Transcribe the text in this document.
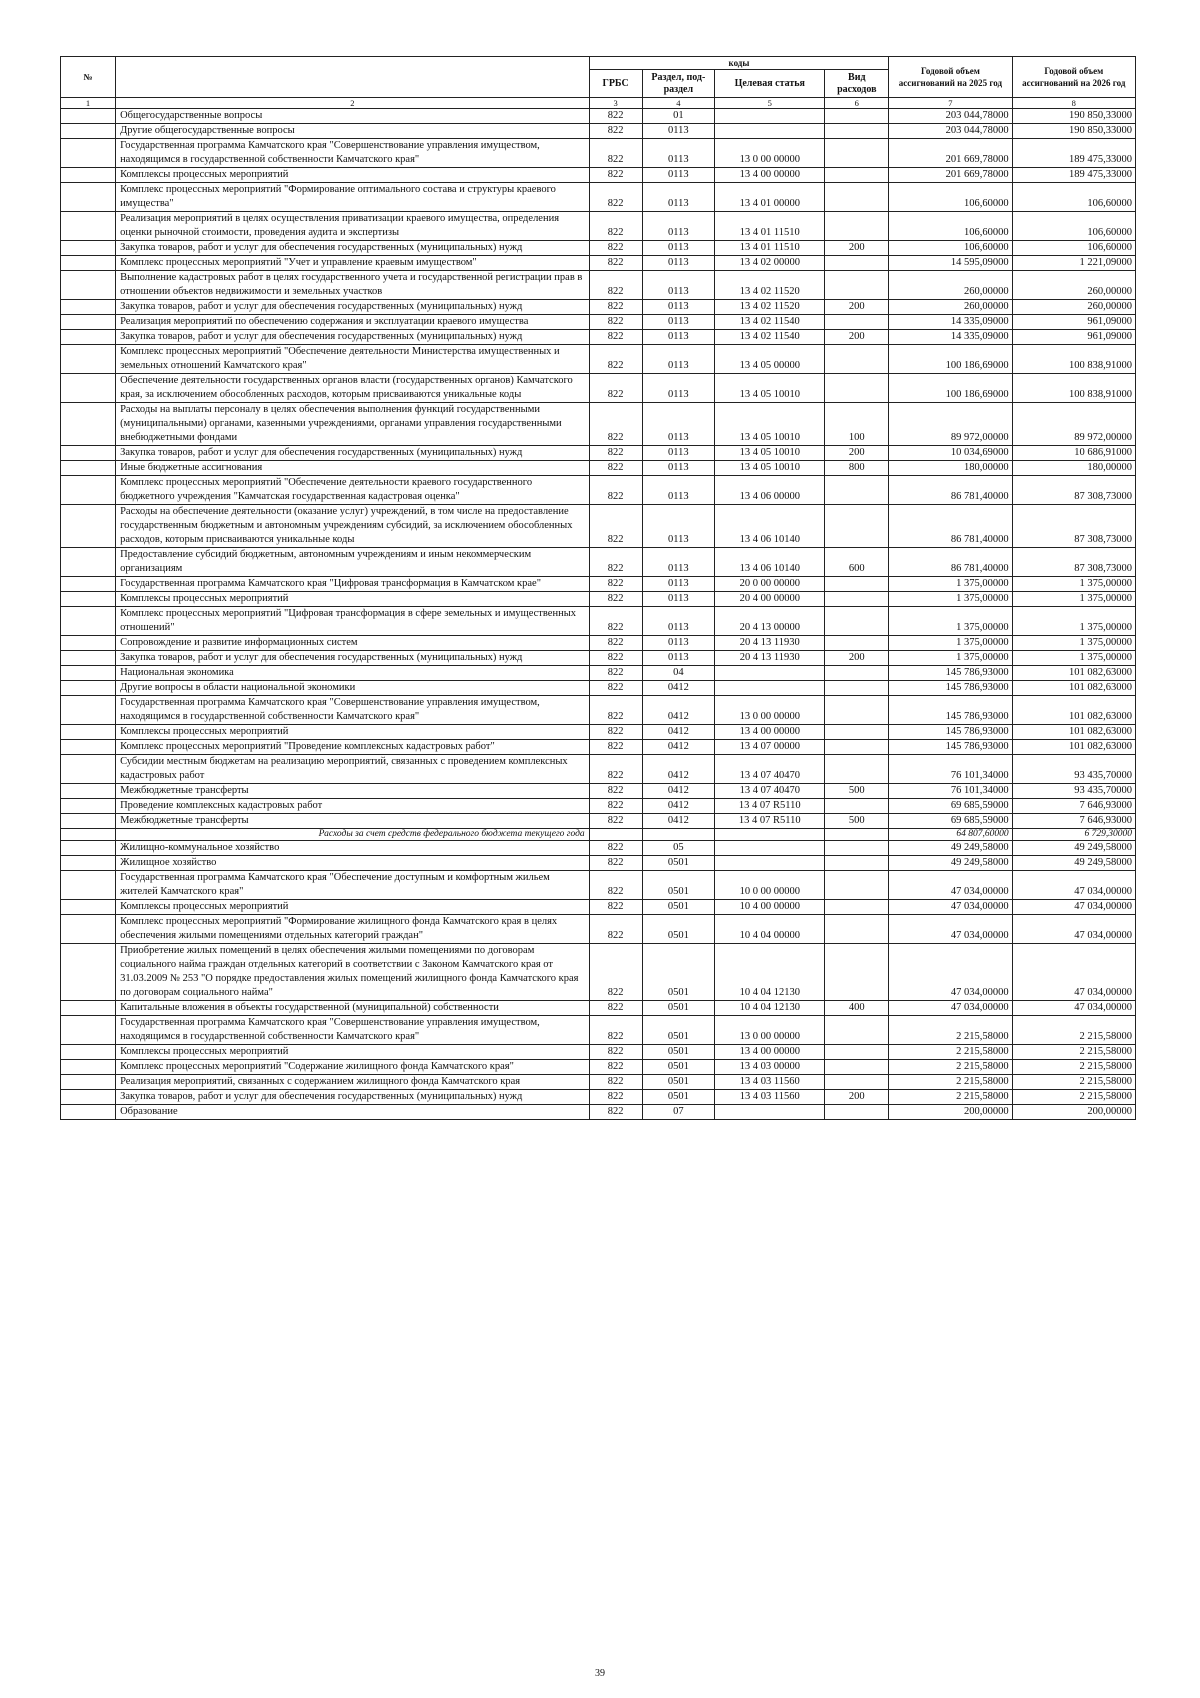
№		коды				Годовой объем ассигнований на 2025 год	Годовой объем ассигнований на 2026 год
		ГРБС	Раздел, под-раздел	Целевая статья	Вид расходов		
1	2	3	4	5	6	7	8
	Общегосударственные вопросы	822	01			203 044,78000	190 850,33000
	Другие общегосударственные вопросы	822	0113			203 044,78000	190 850,33000
	Государственная программа Камчатского края "Совершенствование управления имуществом, находящимся в государственной собственности Камчатского края"	822	0113	13 0 00 00000		201 669,78000	189 475,33000
	Комплексы процессных мероприятий	822	0113	13 4 00 00000		201 669,78000	189 475,33000
	Комплекс процессных мероприятий "Формирование оптимального состава и структуры краевого имущества"	822	0113	13 4 01 00000		106,60000	106,60000
	Реализация мероприятий в целях осуществления приватизации краевого имущества, определения оценки рыночной стоимости, проведения аудита и экспертизы	822	0113	13 4 01 11510		106,60000	106,60000
	Закупка товаров, работ и услуг для обеспечения государственных (муниципальных) нужд	822	0113	13 4 01 11510	200	106,60000	106,60000
	Комплекс процессных мероприятий "Учет и управление краевым имуществом"	822	0113	13 4 02 00000		14 595,09000	1 221,09000
	Выполнение кадастровых работ в целях государственного учета и государственной регистрации прав в отношении объектов недвижимости и земельных участков	822	0113	13 4 02 11520		260,00000	260,00000
	Закупка товаров, работ и услуг для обеспечения государственных (муниципальных) нужд	822	0113	13 4 02 11520	200	260,00000	260,00000
	Реализация мероприятий по обеспечению содержания и эксплуатации краевого имущества	822	0113	13 4 02 11540		14 335,09000	961,09000
	Закупка товаров, работ и услуг для обеспечения государственных (муниципальных) нужд	822	0113	13 4 02 11540	200	14 335,09000	961,09000
	Комплекс процессных мероприятий "Обеспечение деятельности Министерства имущественных и земельных отношений Камчатского края"	822	0113	13 4 05 00000		100 186,69000	100 838,91000
	Обеспечение деятельности государственных органов власти (государственных органов) Камчатского края, за исключением обособленных расходов, которым присваиваются уникальные коды	822	0113	13 4 05 10010		100 186,69000	100 838,91000
	Расходы на выплаты персоналу в целях обеспечения выполнения функций государственными (муниципальными) органами, казенными учреждениями, органами управления государственными внебюджетными фондами	822	0113	13 4 05 10010	100	89 972,00000	89 972,00000
	Закупка товаров, работ и услуг для обеспечения государственных (муниципальных) нужд	822	0113	13 4 05 10010	200	10 034,69000	10 686,91000
	Иные бюджетные ассигнования	822	0113	13 4 05 10010	800	180,00000	180,00000
	Комплекс процессных мероприятий "Обеспечение деятельности краевого государственного бюджетного учреждения "Камчатская государственная кадастровая оценка"	822	0113	13 4 06 00000		86 781,40000	87 308,73000
	Расходы на обеспечение деятельности (оказание услуг) учреждений, в том числе на предоставление государственным бюджетным и автономным учреждениям субсидий, за исключением обособленных расходов, которым присваиваются уникальные коды	822	0113	13 4 06 10140		86 781,40000	87 308,73000
	Предоставление субсидий бюджетным, автономным учреждениям и иным некоммерческим организациям	822	0113	13 4 06 10140	600	86 781,40000	87 308,73000
	Государственная программа Камчатского края "Цифровая трансформация в Камчатском крае"	822	0113	20 0 00 00000		1 375,00000	1 375,00000
	Комплексы процессных мероприятий	822	0113	20 4 00 00000		1 375,00000	1 375,00000
	Комплекс процессных мероприятий "Цифровая трансформация в сфере земельных и имущественных отношений"	822	0113	20 4 13 00000		1 375,00000	1 375,00000
	Сопровождение и развитие информационных систем	822	0113	20 4 13 11930		1 375,00000	1 375,00000
	Закупка товаров, работ и услуг для обеспечения государственных (муниципальных) нужд	822	0113	20 4 13 11930	200	1 375,00000	1 375,00000
	Национальная экономика	822	04			145 786,93000	101 082,63000
	Другие вопросы в области национальной экономики	822	0412			145 786,93000	101 082,63000
	Государственная программа Камчатского края "Совершенствование управления имуществом, находящимся в государственной собственности Камчатского края"	822	0412	13 0 00 00000		145 786,93000	101 082,63000
	Комплексы процессных мероприятий	822	0412	13 4 00 00000		145 786,93000	101 082,63000
	Комплекс процессных мероприятий "Проведение комплексных кадастровых работ"	822	0412	13 4 07 00000		145 786,93000	101 082,63000
	Субсидии местным бюджетам на реализацию мероприятий, связанных с проведением комплексных кадастровых работ	822	0412	13 4 07 40470		76 101,34000	93 435,70000
	Межбюджетные трансферты	822	0412	13 4 07 40470	500	76 101,34000	93 435,70000
	Проведение комплексных кадастровых работ	822	0412	13 4 07 R5110		69 685,59000	7 646,93000
	Межбюджетные трансферты	822	0412	13 4 07 R5110	500	69 685,59000	7 646,93000
	Расходы за счет средств федерального бюджета текущего года					64 807,60000	6 729,30000
	Жилищно-коммунальное хозяйство	822	05			49 249,58000	49 249,58000
	Жилищное хозяйство	822	0501			49 249,58000	49 249,58000
	Государственная программа Камчатского края "Обеспечение доступным и комфортным жильем жителей Камчатского края"	822	0501	10 0 00 00000		47 034,00000	47 034,00000
	Комплексы процессных мероприятий	822	0501	10 4 00 00000		47 034,00000	47 034,00000
	Комплекс процессных мероприятий "Формирование жилищного фонда Камчатского края в целях обеспечения жилыми помещениями отдельных категорий граждан"	822	0501	10 4 04 00000		47 034,00000	47 034,00000
	Приобретение жилых помещений в целях обеспечения жилыми помещениями по договорам социального найма граждан отдельных категорий в соответствии с Законом Камчатского края от 31.03.2009 № 253 "О порядке предоставления жилых помещений жилищного фонда Камчатского края по договорам социального найма"	822	0501	10 4 04 12130		47 034,00000	47 034,00000
	Капитальные вложения в объекты государственной (муниципальной) собственности	822	0501	10 4 04 12130	400	47 034,00000	47 034,00000
	Государственная программа Камчатского края "Совершенствование управления имуществом, находящимся в государственной собственности Камчатского края"	822	0501	13 0 00 00000		2 215,58000	2 215,58000
	Комплексы процессных мероприятий	822	0501	13 4 00 00000		2 215,58000	2 215,58000
	Комплекс процессных мероприятий "Содержание жилищного фонда Камчатского края"	822	0501	13 4 03 00000		2 215,58000	2 215,58000
	Реализация мероприятий, связанных с содержанием жилищного фонда Камчатского края	822	0501	13 4 03 11560		2 215,58000	2 215,58000
	Закупка товаров, работ и услуг для обеспечения государственных (муниципальных) нужд	822	0501	13 4 03 11560	200	2 215,58000	2 215,58000
	Образование	822	07			200,00000	200,00000
39
